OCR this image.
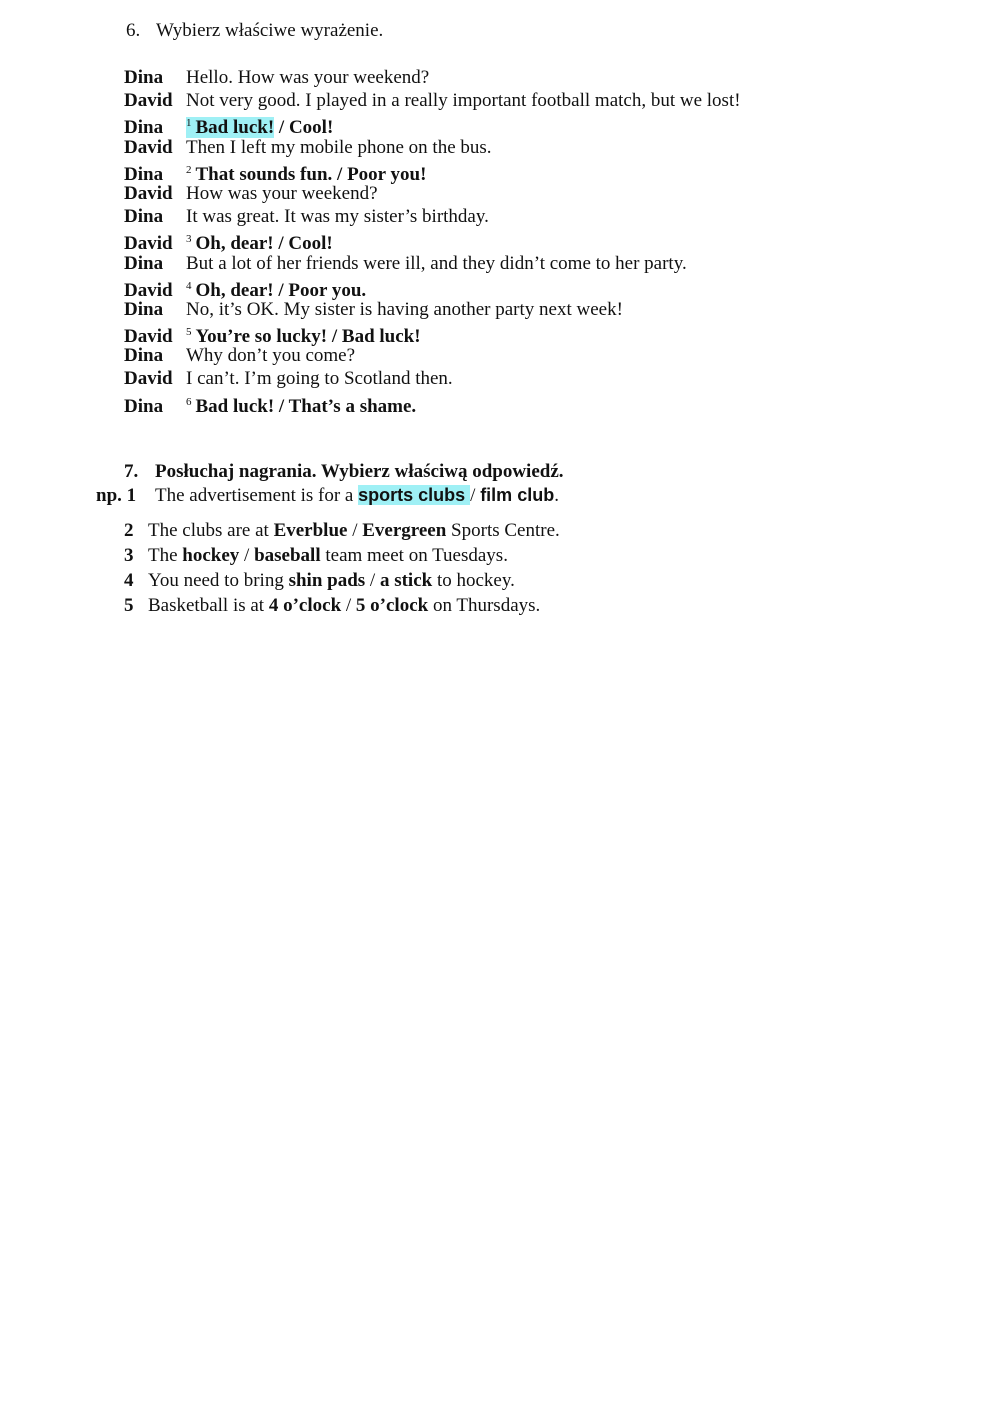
6. Wybierz właściwe wyrażenie.
Dina Hello. How was your weekend?
David Not very good. I played in a really important football match, but we lost!
Dina $^1$ Bad luck! / Cool!
David Then I left my mobile phone on the bus.
Dina $^2$ That sounds fun. / Poor you!
David How was your weekend?
Dina It was great. It was my sister’s birthday.
David $^3$ Oh, dear! / Cool!
Dina But a lot of her friends were ill, and they didn’t come to her party.
David $^4$ Oh, dear! / Poor you.
Dina No, it’s OK. My sister is having another party next week!
David $^5$ You’re so lucky! / Bad luck!
Dina Why don’t you come?
David I can’t. I’m going to Scotland then.
Dina $^6$ Bad luck! / That’s a shame.
7. Posłuchaj nagrania. Wybierz właściwą odpowiedź.
np. 1 The advertisement is for a sports clubs / film club.
2 The clubs are at Everblue / Evergreen Sports Centre.
3 The hockey / baseball team meet on Tuesdays.
4 You need to bring shin pads / a stick to hockey.
5 Basketball is at 4 o’clock / 5 o’clock on Thursdays.
